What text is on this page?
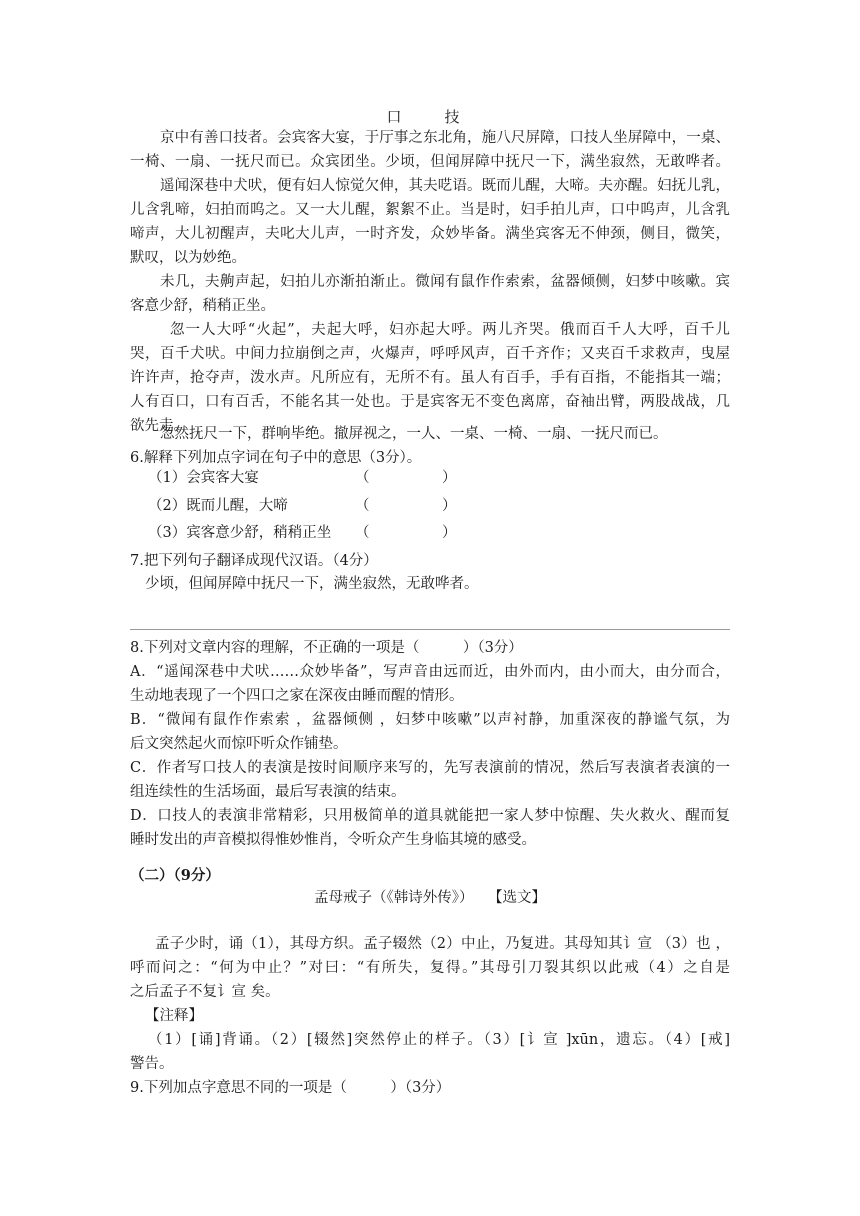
口　技
京中有善口技者。会宾客大宴，于厅事之东北角，施八尺屏障，口技人坐屏障中，一桌、
一椅、一扇、一抚尺而已。众宾团坐。少顷，但闻屏障中抚尺一下，满坐寂然，无敢哗者。
遥闻深巷中犬吠，便有妇人惊觉欠伸，其夫呓语。既而儿醒，大啼。夫亦醒。妇抚儿乳，
儿含乳啼，妇拍而呜之。又一大儿醒，絮絮不止。当是时，妇手拍儿声，口中呜声，儿含乳
啼声，大儿初醒声，夫叱大儿声，一时齐发，众妙毕备。满坐宾客无不伸颈，侧目，微笑，
默叹，以为妙绝。
未几，夫齁声起，妇拍儿亦渐拍渐止。微闻有鼠作作索索，盆器倾侧，妇梦中咳嗽。宾
客意少舒，稍稍正坐。
忽一人大呼“火起”，夫起大呼，妇亦起大呼。两儿齐哭。俄而百千人大呼，百千儿
哭，百千犬吠。中间力拉崩倒之声，火爆声，呼呼风声，百千齐作；又夹百千求救声，曳屋
许许声，抢夺声，泼水声。凡所应有，无所不有。虽人有百手，手有百指，不能指其一端；
人有百口，口有百舌，不能名其一处也。于是宾客无不变色离席，奋袖出臂，两股战战，几
欲先走。
忽然抚尺一下，群响毕绝。撤屏视之，一人、一桌、一椅、一扇、一抚尺而已。
6.解释下列加点字词在句子中的意思（3分）。
（1）会宾客大宴	（　　　　　）
（2）既而儿醒，大啼	（　　　　　）
（3）宾客意少舒，稍稍正坐	（　　　　　）
7.把下列句子翻译成现代汉语。（4分）
少顷，但闻屏障中抚尺一下，满坐寂然，无敢哗者。
8.下列对文章内容的理解，不正确的一项是（　　　）（3分）
A．“遥闻深巷中犬吠……众妙毕备”，写声音由远而近，由外而内，由小而大，由分而合，
生动地表现了一个四口之家在深夜由睡而醒的情形。
B．“微闻有鼠作作索索 ，盆器倾侧 ，妇梦中咳嗽”以声衬静，加重深夜的静谧气氛，为
后文突然起火而惊吓听众作铺垫。
C．作者写口技人的表演是按时间顺序来写的，先写表演前的情况，然后写表演者表演的一
组连续性的生活场面，最后写表演的结束。
D．口技人的表演非常精彩，只用极简单的道具就能把一家人梦中惊醒、失火救火、醒而复
睡时发出的声音模拟得惟妙惟肖，令听众产生身临其境的感受。
（二）（9分）
孟母戒子（《韩诗外传》）　　【选文】
孟子少时，诵（1），其母方织。孟子辍然（2）中止，乃复进。其母知其讠宣 （3）也 ，
呼而问之：“何为中止？”对曰：“有所失，复得。”其母引刀裂其织以此戒（4）之自是
之后孟子不复讠宣 矣。
【注释】
（1）[诵]背诵。（2）[辍然]突然停止的样子。（3）[讠宣 ]xūn，遗忘。（4）[戒]
警告。
9.下列加点字意思不同的一项是（　　　）（3分）
